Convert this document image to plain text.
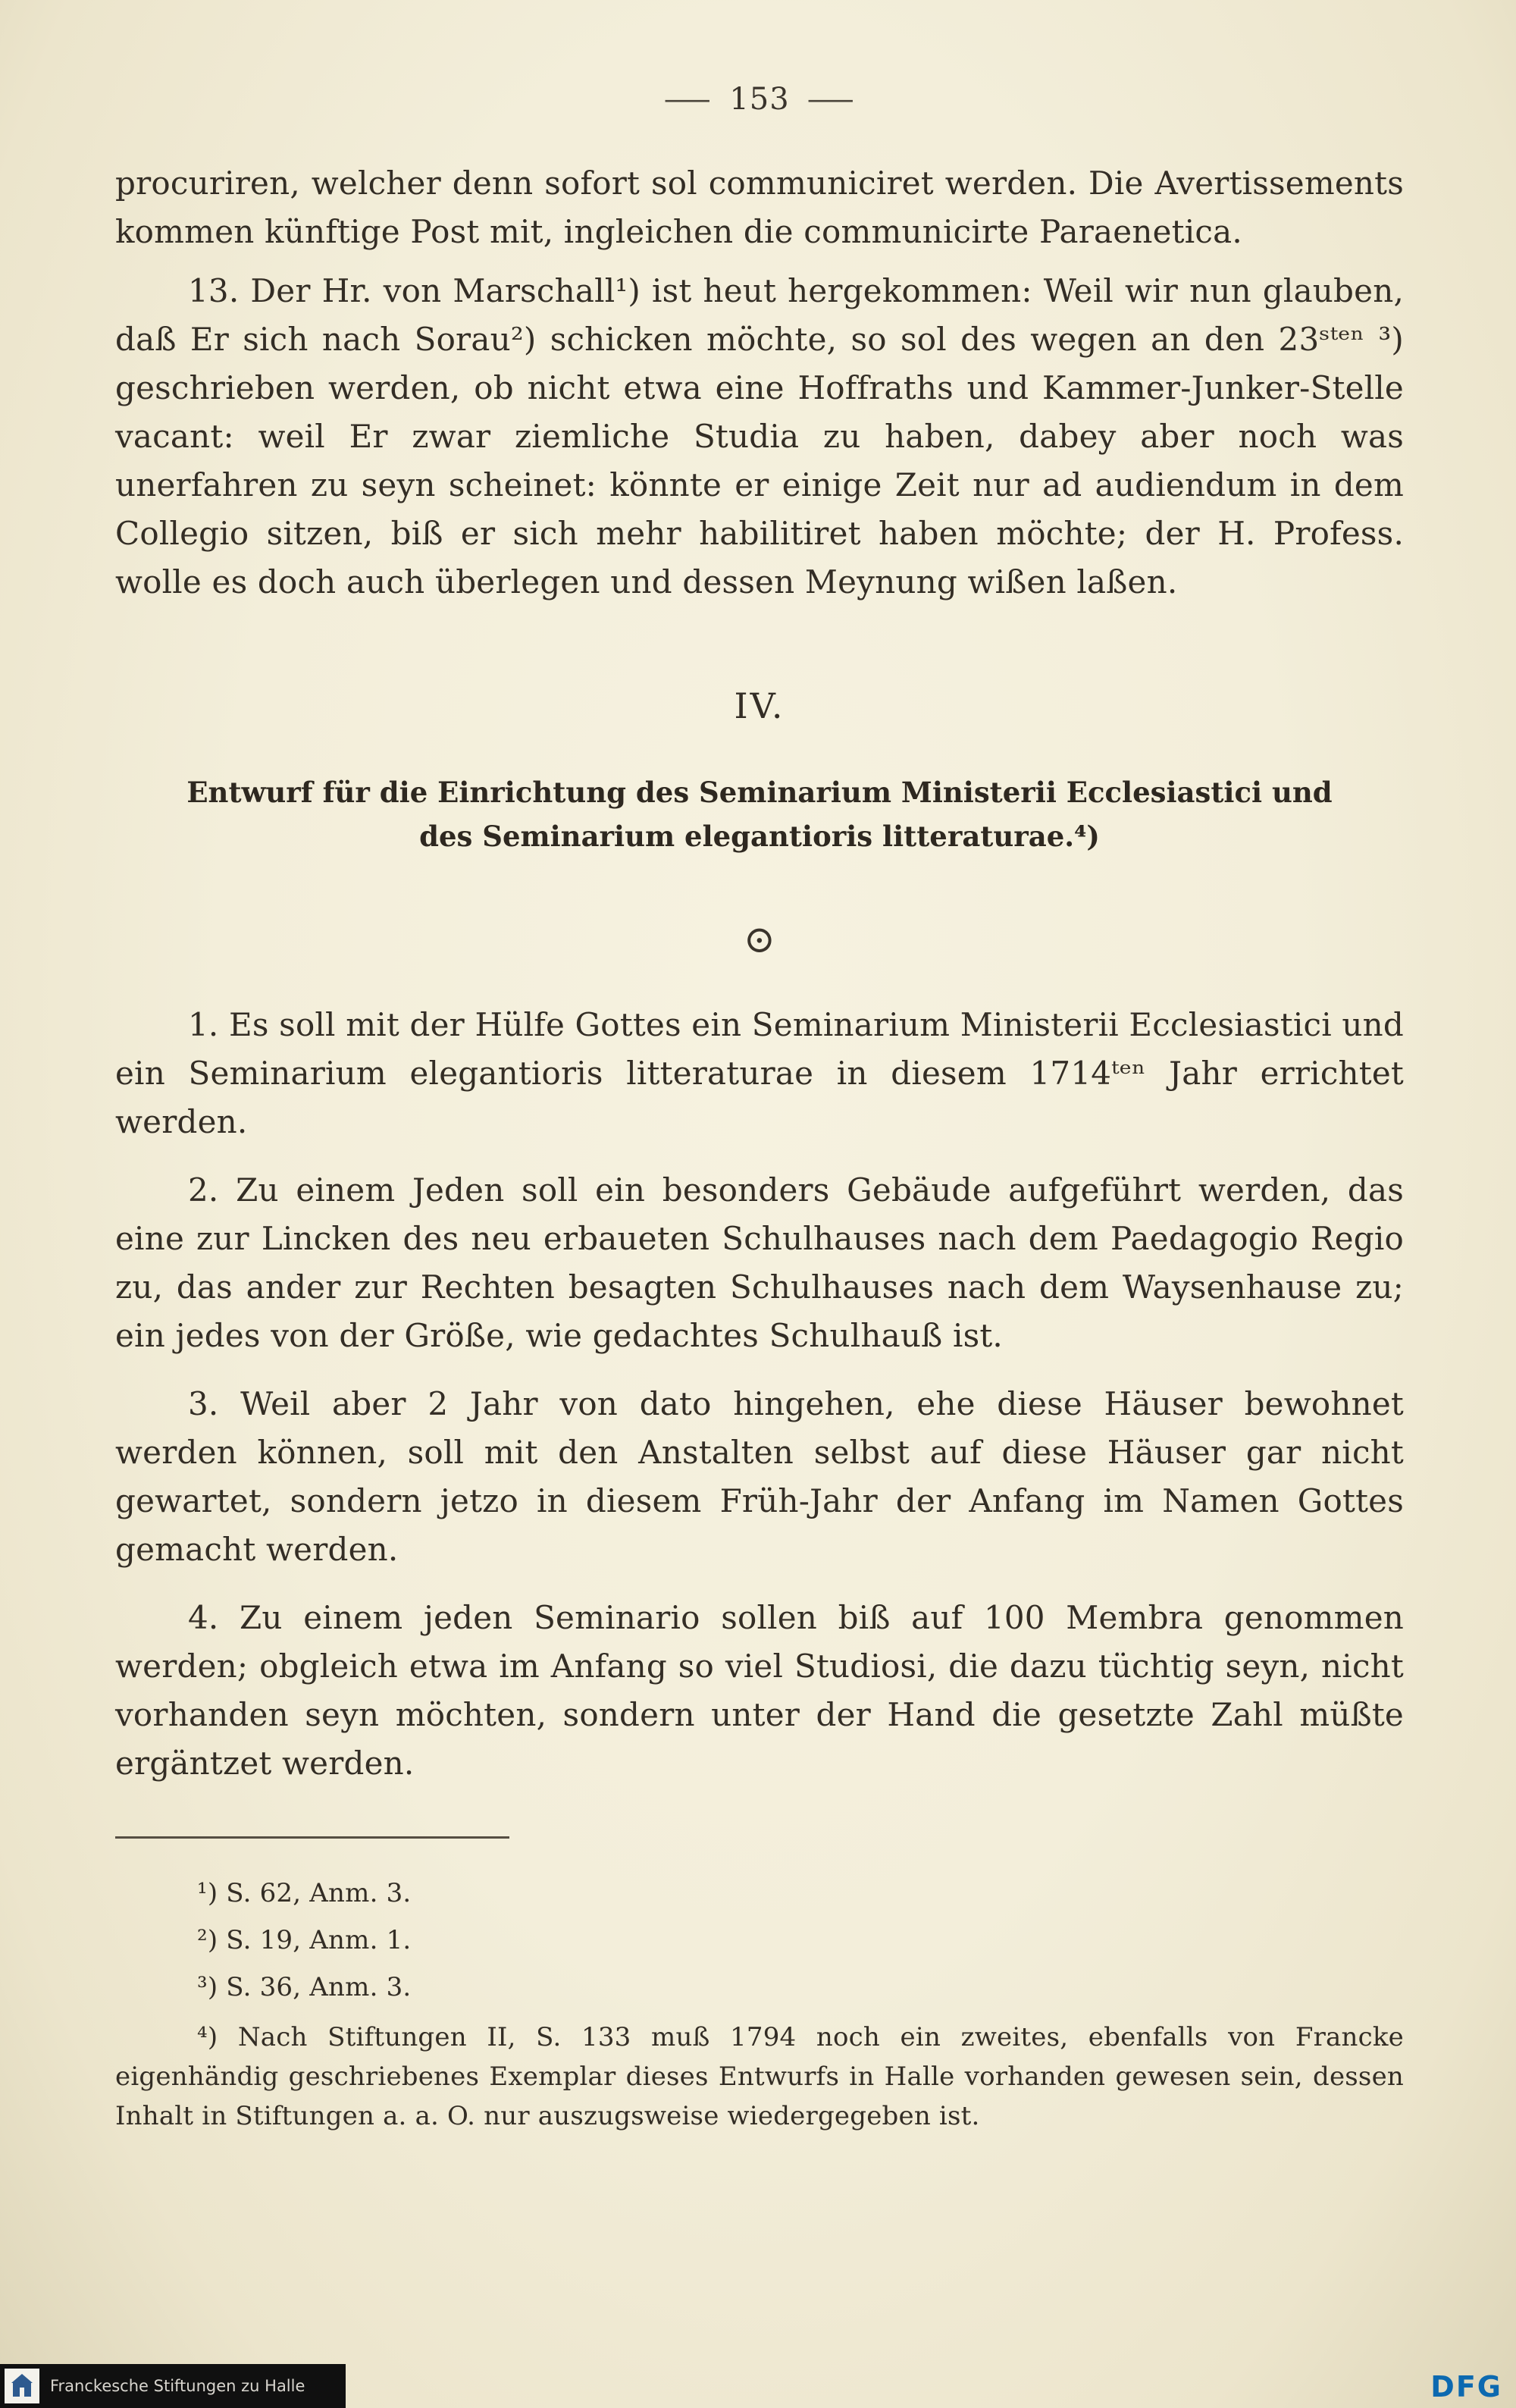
— 153 —

procuriren, welcher denn sofort sol communiciret werden. Die Avertissements kommen künftige Post mit, ingleichen die communicirte Paraenetica.

13. Der Hr. von Marschall¹) ist heut hergekommen: Weil wir nun glauben, daß Er sich nach Sorau²) schicken möchte, so sol des wegen an den 23ˢᵗᵉⁿ ³) geschrieben werden, ob nicht etwa eine Hoffraths und Kammer-Junker-Stelle vacant: weil Er zwar ziemliche Studia zu haben, dabey aber noch was unerfahren zu seyn scheinet: könnte er einige Zeit nur ad audiendum in dem Collegio sitzen, biß er sich mehr habilitiret haben möchte; der H. Profess. wolle es doch auch überlegen und dessen Meynung wißen laßen.

IV.
Entwurf für die Einrichtung des Seminarium Ministerii Ecclesiastici und des Seminarium elegantioris litteraturae.⁴)
⊙

1. Es soll mit der Hülfe Gottes ein Seminarium Ministerii Ecclesiastici und ein Seminarium elegantioris litteraturae in diesem 1714ᵗᵉⁿ Jahr errichtet werden.

2. Zu einem Jeden soll ein besonders Gebäude aufgeführt werden, das eine zur Lincken des neu erbaueten Schulhauses nach dem Paedagogio Regio zu, das ander zur Rechten besagten Schulhauses nach dem Waysenhause zu; ein jedes von der Größe, wie gedachtes Schulhauß ist.

3. Weil aber 2 Jahr von dato hingehen, ehe diese Häuser bewohnet werden können, soll mit den Anstalten selbst auf diese Häuser gar nicht gewartet, sondern jetzo in diesem Früh-Jahr der Anfang im Namen Gottes gemacht werden.

4. Zu einem jeden Seminario sollen biß auf 100 Membra genommen werden; obgleich etwa im Anfang so viel Studiosi, die dazu tüchtig seyn, nicht vorhanden seyn möchten, sondern unter der Hand die gesetzte Zahl müßte ergäntzet werden.

¹) S. 62, Anm. 3.

²) S. 19, Anm. 1.

³) S. 36, Anm. 3.

⁴) Nach Stiftungen II, S. 133 muß 1794 noch ein zweites, ebenfalls von Francke eigenhändig geschriebenes Exemplar dieses Entwurfs in Halle vorhanden gewesen sein, dessen Inhalt in Stiftungen a. a. O. nur auszugsweise wiedergegeben ist.

Franckesche Stiftungen zu Halle	DFG
